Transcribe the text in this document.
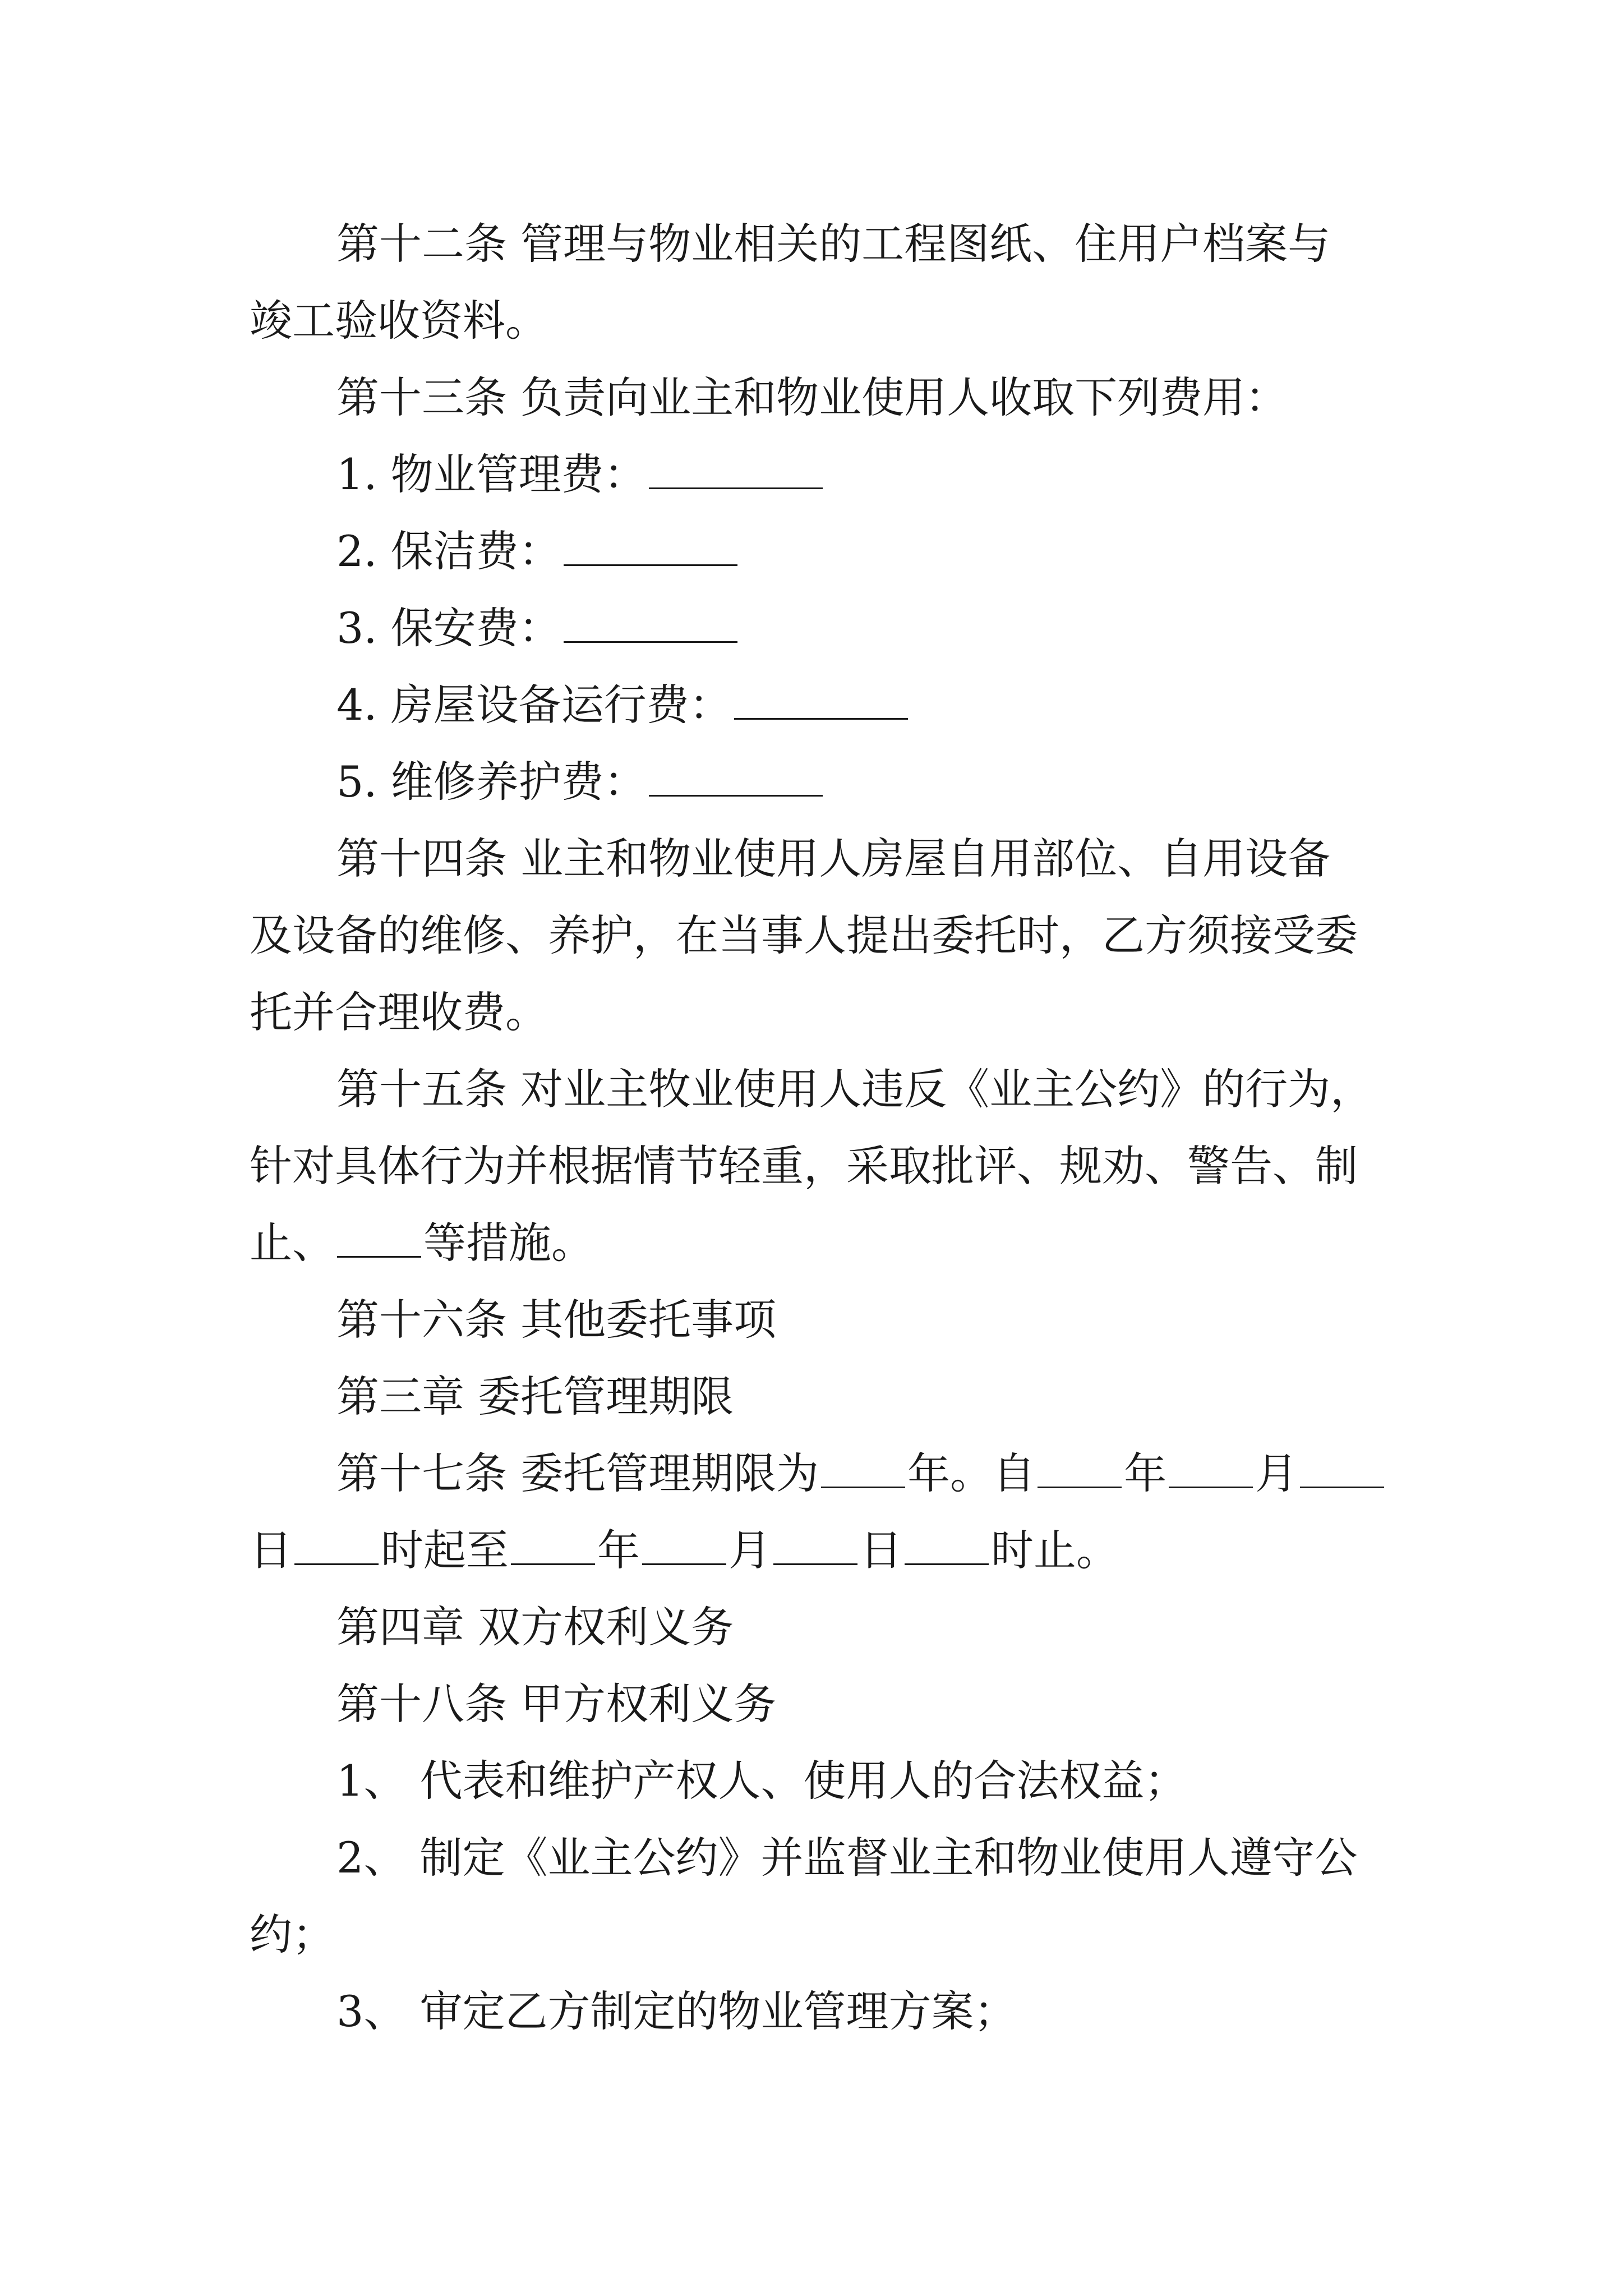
第十二条 管理与物业相关的工程图纸、住用户档案与

竣工验收资料。

第十三条 负责向业主和物业使用人收取下列费用：

1. 物业管理费：

2. 保洁费：

3. 保安费：

4. 房屋设备运行费：

5. 维修养护费：

第十四条 业主和物业使用人房屋自用部位、自用设备

及设备的维修、养护，在当事人提出委托时，乙方须接受委

托并合理收费。

第十五条 对业主牧业使用人违反《业主公约》的行为，

针对具体行为并根据情节轻重，采取批评、规劝、警告、制

止、 等措施。

第十六条 其他委托事项

第三章 委托管理期限

第十七条 委托管理期限为 年。自 年 月

日 时起至 年 月 日 时止。

第四章 双方权利义务

第十八条 甲方权利义务

1、 代表和维护产权人、使用人的合法权益；

2、 制定《业主公约》并监督业主和物业使用人遵守公

约；

3、 审定乙方制定的物业管理方案；
